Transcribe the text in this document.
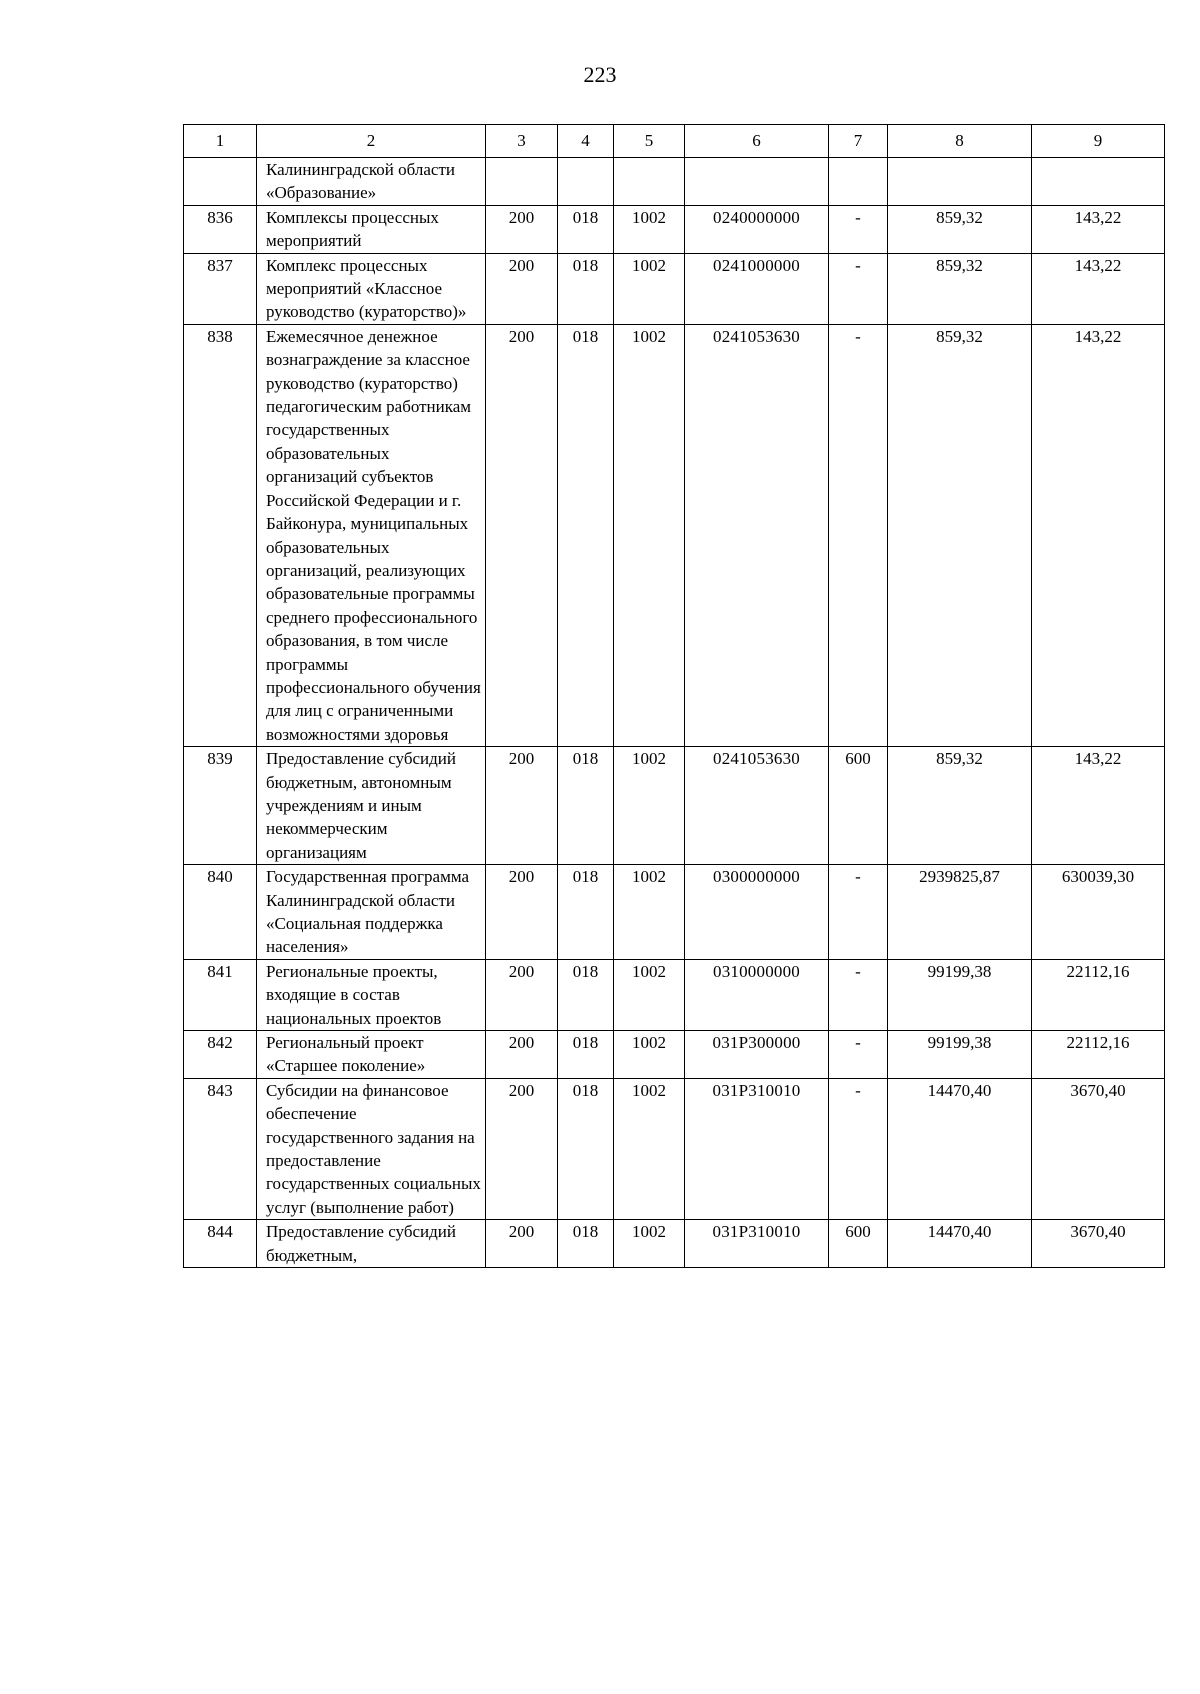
223
1	2	3	4	5	6	7	8	9
	Калининградской области «Образование»							
836	Комплексы процессных мероприятий	200	018	1002	0240000000	-	859,32	143,22
837	Комплекс процессных мероприятий «Классное руководство (кураторство)»	200	018	1002	0241000000	-	859,32	143,22
838	Ежемесячное денежное вознаграждение за классное руководство (кураторство) педагогическим работникам государственных образовательных организаций субъектов Российской Федерации и г. Байконура, муниципальных образовательных организаций, реализующих образовательные программы среднего профессионального образования, в том числе программы профессионального обучения для лиц с ограниченными возможностями здоровья	200	018	1002	0241053630	-	859,32	143,22
839	Предоставление субсидий бюджетным, автономным учреждениям и иным некоммерческим организациям	200	018	1002	0241053630	600	859,32	143,22
840	Государственная программа Калининградской области «Социальная поддержка населения»	200	018	1002	0300000000	-	2939825,87	630039,30
841	Региональные проекты, входящие в состав национальных проектов	200	018	1002	0310000000	-	99199,38	22112,16
842	Региональный проект «Старшее поколение»	200	018	1002	031P300000	-	99199,38	22112,16
843	Субсидии на финансовое обеспечение государственного задания на предоставление государственных социальных услуг (выполнение работ)	200	018	1002	031P310010	-	14470,40	3670,40
844	Предоставление субсидий бюджетным,	200	018	1002	031P310010	600	14470,40	3670,40
